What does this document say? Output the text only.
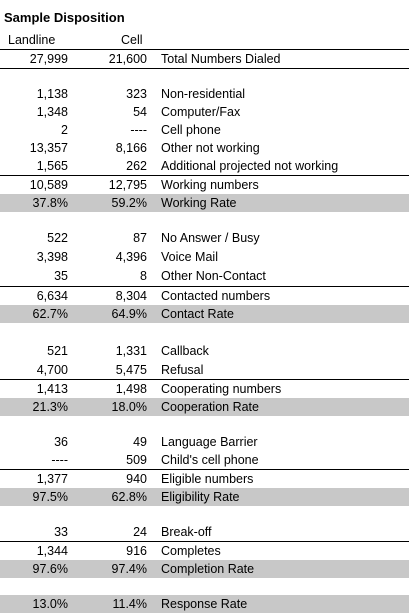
Sample Disposition
Landline	Cell
27,999	21,600 Total Numbers Dialed
1,138	323 Non-residential
1,348	54 Computer/Fax
2	---- Cell phone
13,357	8,166 Other not working
1,565	262 Additional projected not working
10,589	12,795 Working numbers
37.8%	59.2% Working Rate
522	87 No Answer / Busy
3,398	4,396 Voice Mail
35	8 Other Non-Contact
6,634	8,304 Contacted numbers
62.7%	64.9% Contact Rate
521	1,331 Callback
4,700	5,475 Refusal
1,413	1,498 Cooperating numbers
21.3%	18.0% Cooperation Rate
36	49 Language Barrier
----	509 Child's cell phone
1,377	940 Eligible numbers
97.5%	62.8% Eligibility Rate
33	24 Break-off
1,344	916 Completes
97.6%	97.4% Completion Rate
13.0%	11.4% Response Rate
